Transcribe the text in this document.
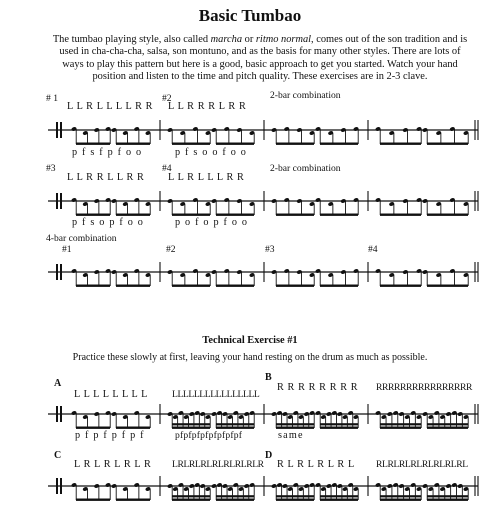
Basic Tumbao
The tumbao playing style, also called marcha or ritmo normal, comes out of the son tradition and is used in cha-cha-cha, salsa, son montuno, and as the basis for many other styles. There are lots of ways to play this pattern but here is a good, basic approach to get you started. Watch your hand position and listen to the time and pitch quality. These exercises are in 2-3 clave.
# 1
L L R L L L L R R
#2
L L R R R L R R
2-bar combination
p f s f p f o o	p f s o o f o o
#3
L L R R L L R R
#4
L L R L L L R R
2-bar combination
p f s o p f o o	p o f o p f o o
4-bar combination
#1	#2	#3	#4
Technical Exercise #1
Practice these slowly at first, leaving your hand resting on the drum as much as possible.
A
L L L L L L L L	LLLLLLLLLLLLLLLL
B
R R R R R R R R RRRRRRRRRRRRRRRR
p f p f p f p f	pfpfpfpfpfpfpfpf	same
C
L R L R L R L R LRLRLRLRLRLRLRLR
D
R L R L R L R L RLRLRLRLRLRLRLRL
